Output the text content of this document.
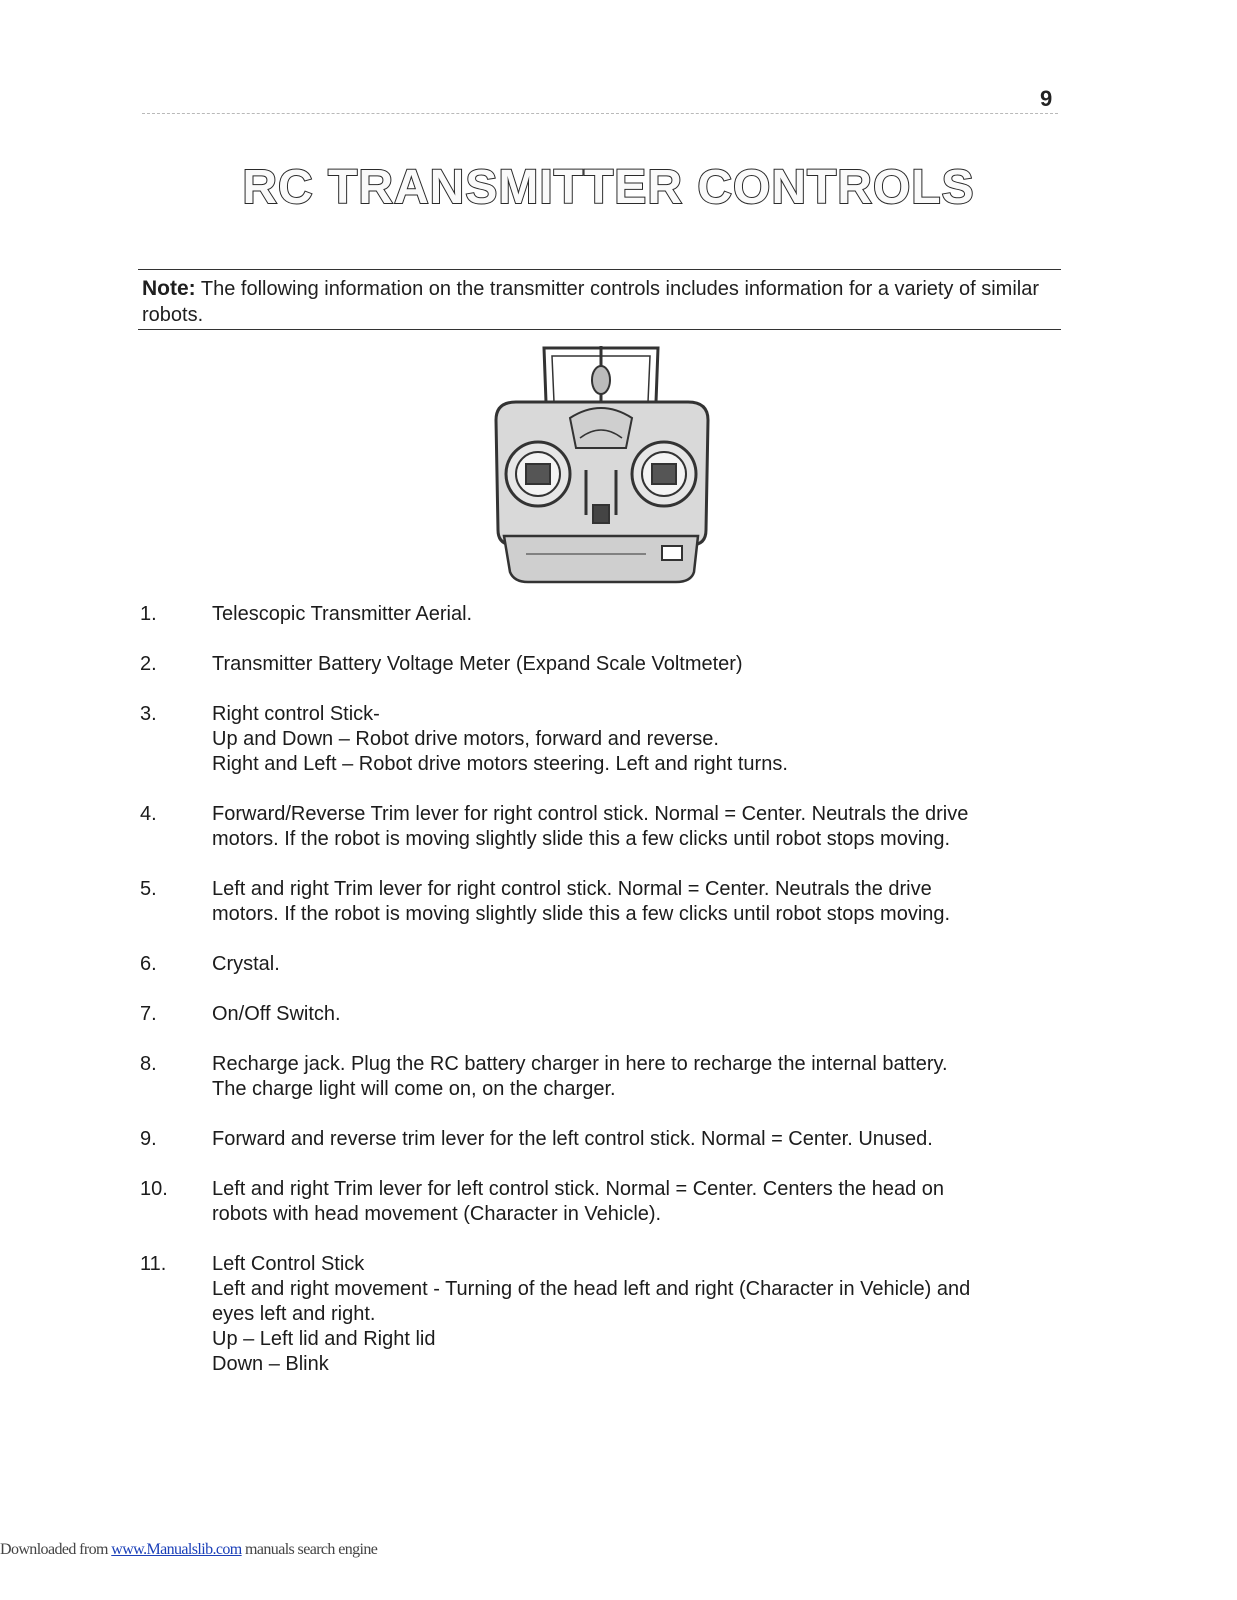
9
RC TRANSMITTER CONTROLS
Note: The following information on the transmitter controls includes information for a variety of similar robots.
1.	Telescopic Transmitter Aerial.
2.	Transmitter Battery Voltage Meter (Expand Scale Voltmeter)
3.	Right control Stick-
Up and Down – Robot drive motors, forward and reverse.
Right and Left – Robot drive motors steering. Left and right turns.
4.	Forward/Reverse Trim lever for right control stick. Normal = Center. Neutrals the drive
motors. If the robot is moving slightly slide this a few clicks until robot stops moving.
5.	Left and right Trim lever for right control stick. Normal = Center. Neutrals the drive
motors. If the robot is moving slightly slide this a few clicks until robot stops moving.
6.	Crystal.
7.	On/Off Switch.
8.	Recharge jack. Plug the RC battery charger in here to recharge the internal battery.
The charge light will come on, on the charger.
9.	Forward and reverse trim lever for the left control stick. Normal = Center. Unused.
10.	Left and right Trim lever for left control stick. Normal = Center. Centers the head on
robots with head movement (Character in Vehicle).
11.	Left Control Stick
Left and right movement - Turning of the head left and right (Character in Vehicle) and
eyes left and right.
Up – Left lid and Right lid
Down – Blink
Downloaded from www.Manualslib.com manuals search engine
